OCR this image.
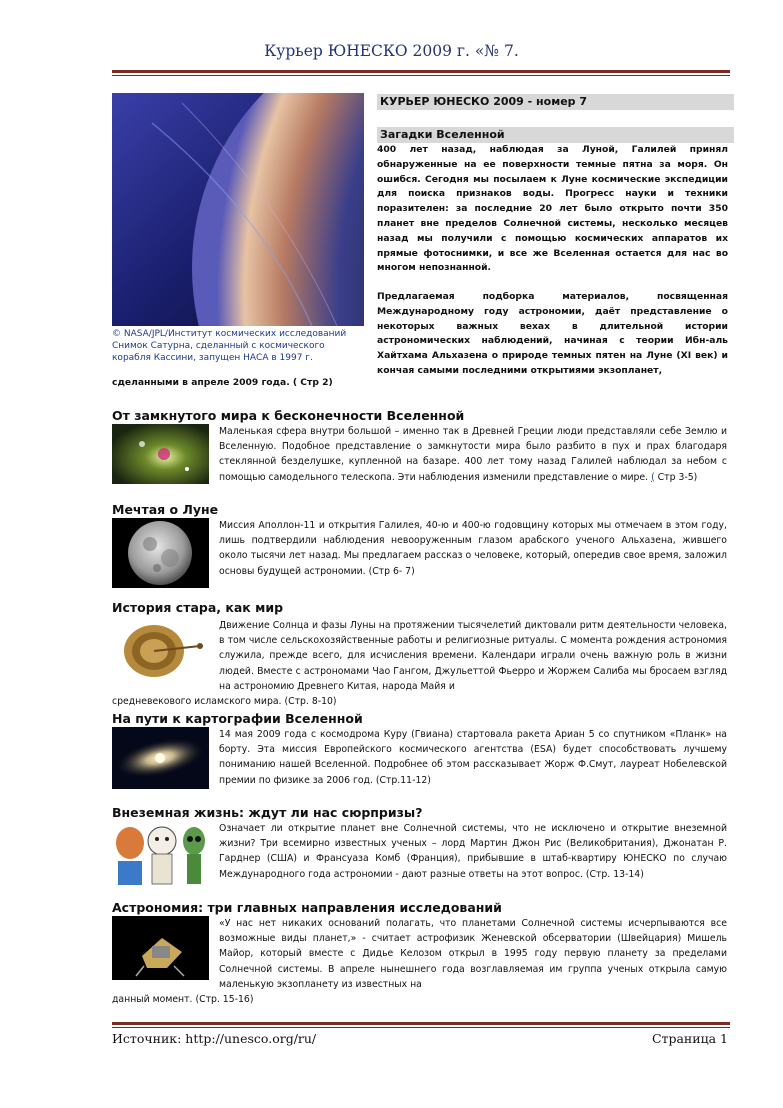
Курьер ЮНЕСКО 2009 г. «№ 7.
© NASA/JPL/Институт космических исследований
Снимок Сатурна, сделанный с космического корабля Кассини, запущен НАСА в 1997 г.
сделанными в апреле 2009 года. ( Стр 2)
КУРЬЕР ЮНЕСКО 2009 - номер 7
Загадки Вселенной

400 лет назад, наблюдая за Луной, Галилей принял обнаруженные на ее поверхности темные пятна за моря. Он ошибся. Сегодня мы посылаем к Луне космические экспедиции для поиска признаков воды. Прогресс науки и техники поразителен: за последние 20 лет было открыто почти 350 планет вне пределов Солнечной системы, несколько месяцев назад мы получили с помощью космических аппаратов их прямые фотоснимки, и все же Вселенная остается для нас во многом непознанной.

Предлагаемая подборка материалов, посвященная Международному году астрономии, даёт представление о некоторых важных вехах в длительной истории астрономических наблюдений, начиная с теории Ибн-аль Хайтхама Альхазена о природе темных пятен на Луне (XI век) и кончая самыми последними открытиями экзопланет,

От замкнутого мира к бесконечности Вселенной

Маленькая сфера внутри большой – именно так в Древней Греции люди представляли себе Землю и Вселенную. Подобное представление о замкнутости мира было разбито в пух и прах благодаря стеклянной безделушке, купленной на базаре. 400 лет тому назад Галилей наблюдал за небом с помощью самодельного телескопа. Эти наблюдения изменили представление о мире. ( Стр 3-5)

Мечтая о Луне

Миссия Аполлон-11 и открытия Галилея, 40-ю и 400-ю годовщину которых мы отмечаем в этом году, лишь подтвердили наблюдения невооруженным глазом арабского ученого Альхазена, жившего около тысячи лет назад. Мы предлагаем рассказ о человеке, который, опередив свое время, заложил основы будущей астрономии. (Стр 6- 7)

История стара, как мир

Движение Солнца и фазы Луны на протяжении тысячелетий диктовали ритм деятельности человека, в том числе сельскохозяйственные работы и религиозные ритуалы. С момента рождения астрономия служила, прежде всего, для исчисления времени. Календари играли очень важную роль в жизни людей. Вместе с астрономами Чао Гангом, Джульеттой Фьерро и Жоржем Салиба мы бросаем взгляд на астрономию Древнего Китая, народа Майя и

средневекового исламского мира. (Стр. 8-10)
На пути к картографии Вселенной

14 мая 2009 года с космодрома Куру (Гвиана) стартовала ракета Ариан 5 со спутником «Планк» на борту. Эта миссия Европейского космического агентства (ESA) будет способствовать лучшему пониманию нашей Вселенной. Подробнее об этом рассказывает Жорж Ф.Смут, лауреат Нобелевской премии по физике за 2006 год. (Стр.11-12)

Внеземная жизнь: ждут ли нас сюрпризы?

Означает ли открытие планет вне Солнечной системы, что не исключено и открытие внеземной жизни? Три всемирно известных ученых – лорд Мартин Джон Рис (Великобритания), Джонатан Р. Гарднер (США) и Франсуаза Комб (Франция), прибывшие в штаб-квартиру ЮНЕСКО по случаю Международного года астрономии - дают разные ответы на этот вопрос. (Стр. 13-14)

Астрономия: три главных направления исследований

«У нас нет никаких оснований полагать, что планетами Солнечной системы исчерпываются все возможные виды планет,» - считает астрофизик Женевской обсерватории (Швейцария) Мишель Майор, который вместе с Дидье Келозом открыл в 1995 году первую планету за пределами Солнечной системы. В апреле нынешнего года возглавляемая им группа ученых открыла самую маленькую экзопланету из известных на

данный момент. (Стр. 15-16)
Источник: http://unesco.org/ru/	Страница 1
